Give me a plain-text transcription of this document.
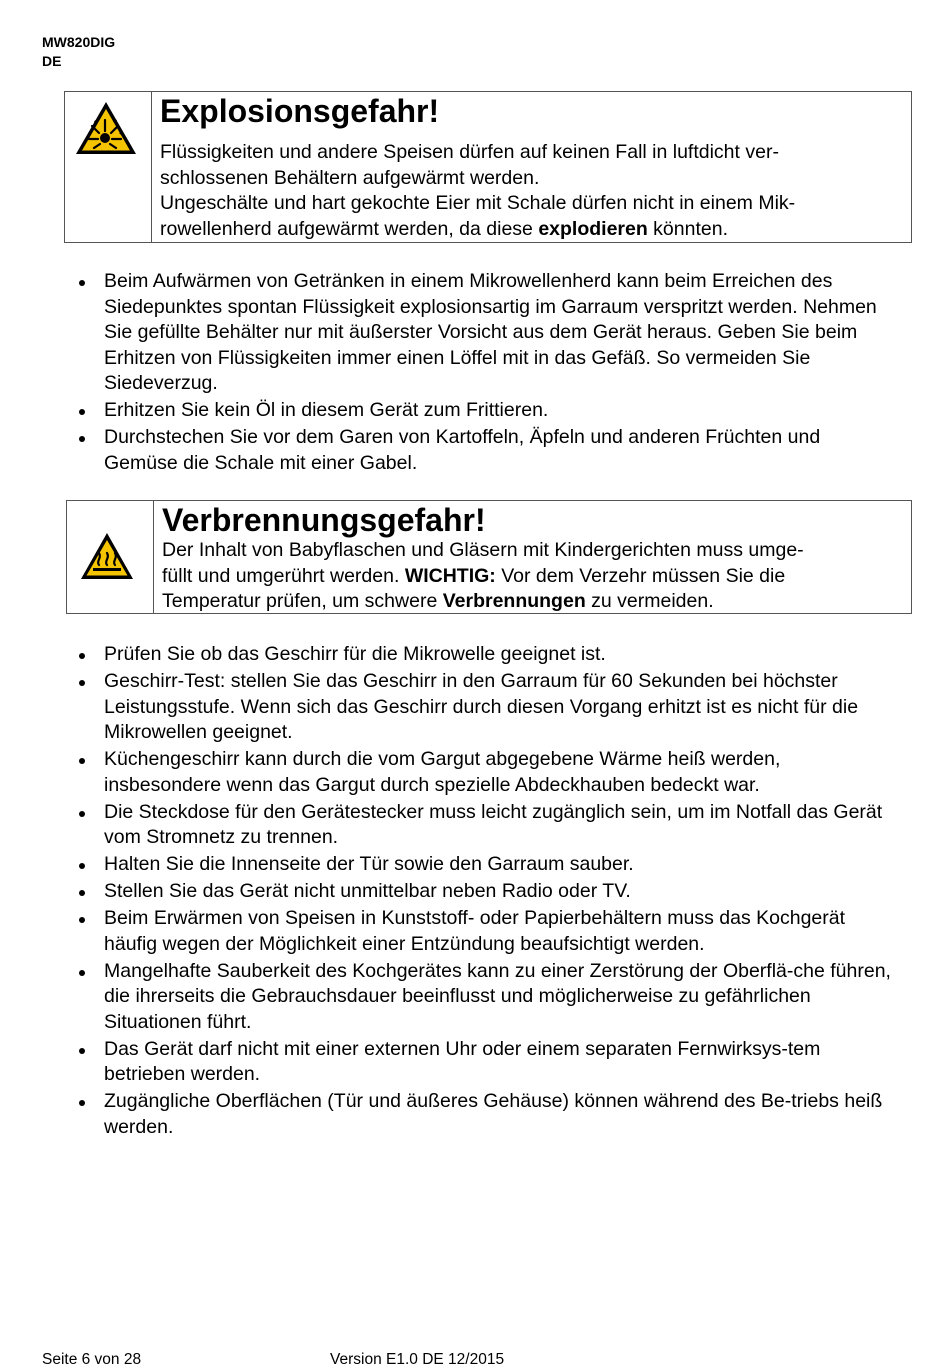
MW820DIG
DE
Explosionsgefahr!

Flüssigkeiten und andere Speisen dürfen auf keinen Fall in luftdicht ver-

schlossenen Behältern aufgewärmt werden.

Ungeschälte und hart gekochte Eier mit Schale dürfen nicht in einem Mik-

rowellenherd aufgewärmt werden, da diese explodieren könnten.

Beim Aufwärmen von Getränken in einem Mikrowellenherd kann beim Erreichen des Siedepunktes spontan Flüssigkeit explosionsartig im Garraum verspritzt werden. Nehmen Sie gefüllte Behälter nur mit äußerster Vorsicht aus dem Gerät heraus. Geben Sie beim Erhitzen von Flüssigkeiten immer einen Löffel mit in das Gefäß. So vermeiden Sie Siedeverzug.
Erhitzen Sie kein Öl in diesem Gerät zum Frittieren.
Durchstechen Sie vor dem Garen von Kartoffeln, Äpfeln und anderen Früchten und Gemüse die Schale mit einer Gabel.
Verbrennungsgefahr!

Der Inhalt von Babyflaschen und Gläsern mit Kindergerichten muss umge-

füllt und umgerührt werden. WICHTIG: Vor dem Verzehr müssen Sie die

Temperatur prüfen, um schwere Verbrennungen zu vermeiden.

Prüfen Sie ob das Geschirr für die Mikrowelle geeignet ist.
Geschirr-Test: stellen Sie das Geschirr in den Garraum für 60 Sekunden bei höchster Leistungsstufe. Wenn sich das Geschirr durch diesen Vorgang erhitzt ist es nicht für die Mikrowellen geeignet.
Küchengeschirr kann durch die vom Gargut abgegebene Wärme heiß werden, insbesondere wenn das Gargut durch spezielle Abdeckhauben bedeckt war.
Die Steckdose für den Gerätestecker muss leicht zugänglich sein, um im Notfall das Gerät vom Stromnetz zu trennen.
Halten Sie die Innenseite der Tür sowie den Garraum sauber.
Stellen Sie das Gerät nicht unmittelbar neben Radio oder TV.
Beim Erwärmen von Speisen in Kunststoff- oder Papierbehältern muss das Kochgerät häufig wegen der Möglichkeit einer Entzündung beaufsichtigt werden.
Mangelhafte Sauberkeit des Kochgerätes kann zu einer Zerstörung der Oberflä-che führen, die ihrerseits die Gebrauchsdauer beeinflusst und möglicherweise zu gefährlichen Situationen führt.
Das Gerät darf nicht mit einer externen Uhr oder einem separaten Fernwirksys-tem betrieben werden.
Zugängliche Oberflächen (Tür und äußeres Gehäuse) können während des Be-triebs heiß werden.
Seite 6 von 28	Version E1.0 DE 12/2015
